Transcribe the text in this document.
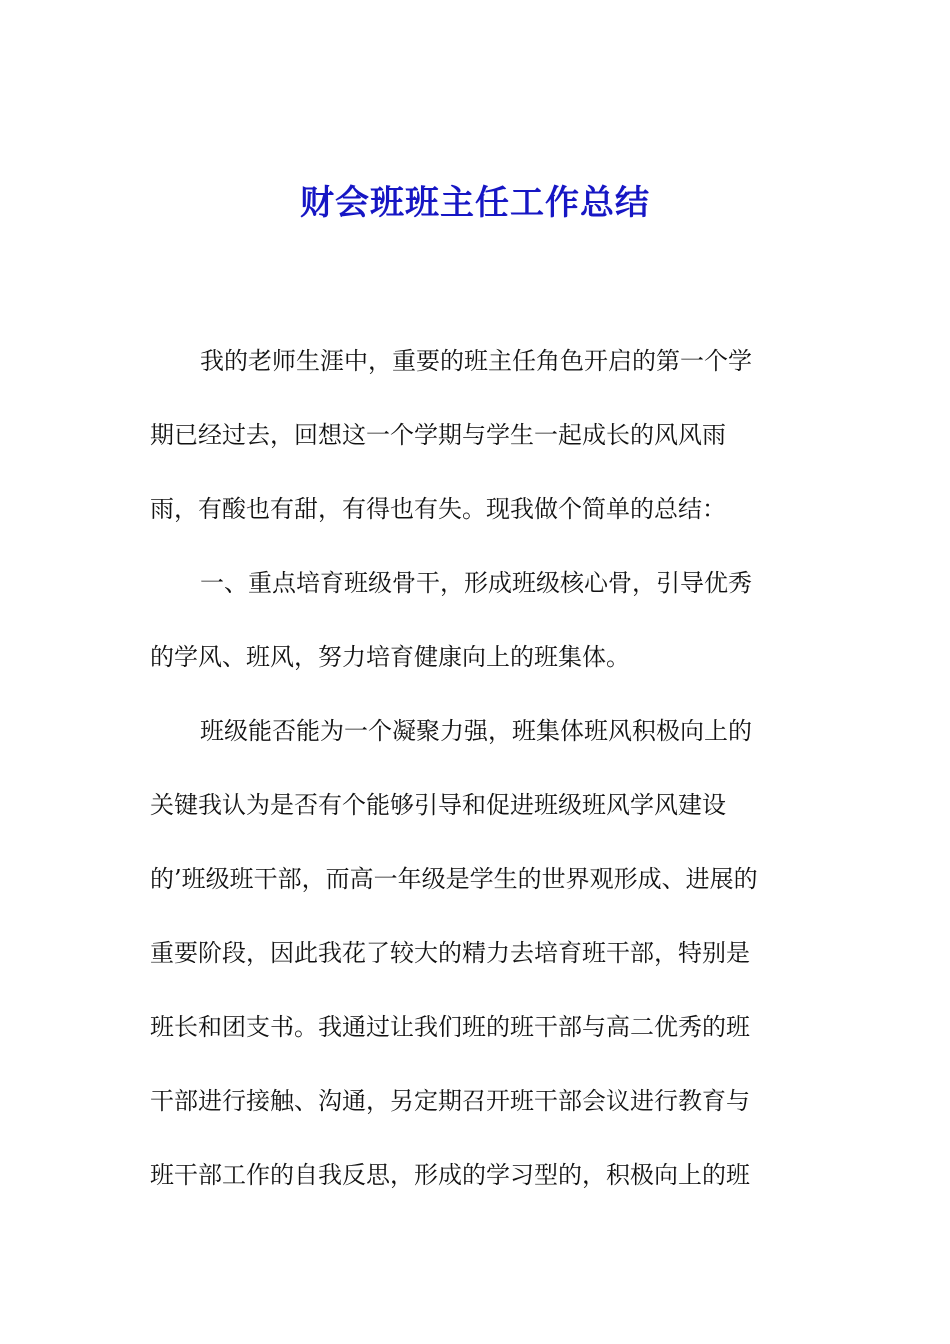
财会班班主任工作总结
我的老师生涯中，重要的班主任角色开启的第一个学
期已经过去，回想这一个学期与学生一起成长的风风雨
雨，有酸也有甜，有得也有失。现我做个简单的总结：
一、重点培育班级骨干，形成班级核心骨，引导优秀
的学风、班风，努力培育健康向上的班集体。
班级能否能为一个凝聚力强，班集体班风积极向上的
关键我认为是否有个能够引导和促进班级班风学风建设
的’班级班干部，而高一年级是学生的世界观形成、进展的
重要阶段，因此我花了较大的精力去培育班干部，特别是
班长和团支书。我通过让我们班的班干部与高二优秀的班
干部进行接触、沟通，另定期召开班干部会议进行教育与
班干部工作的自我反思，形成的学习型的，积极向上的班
